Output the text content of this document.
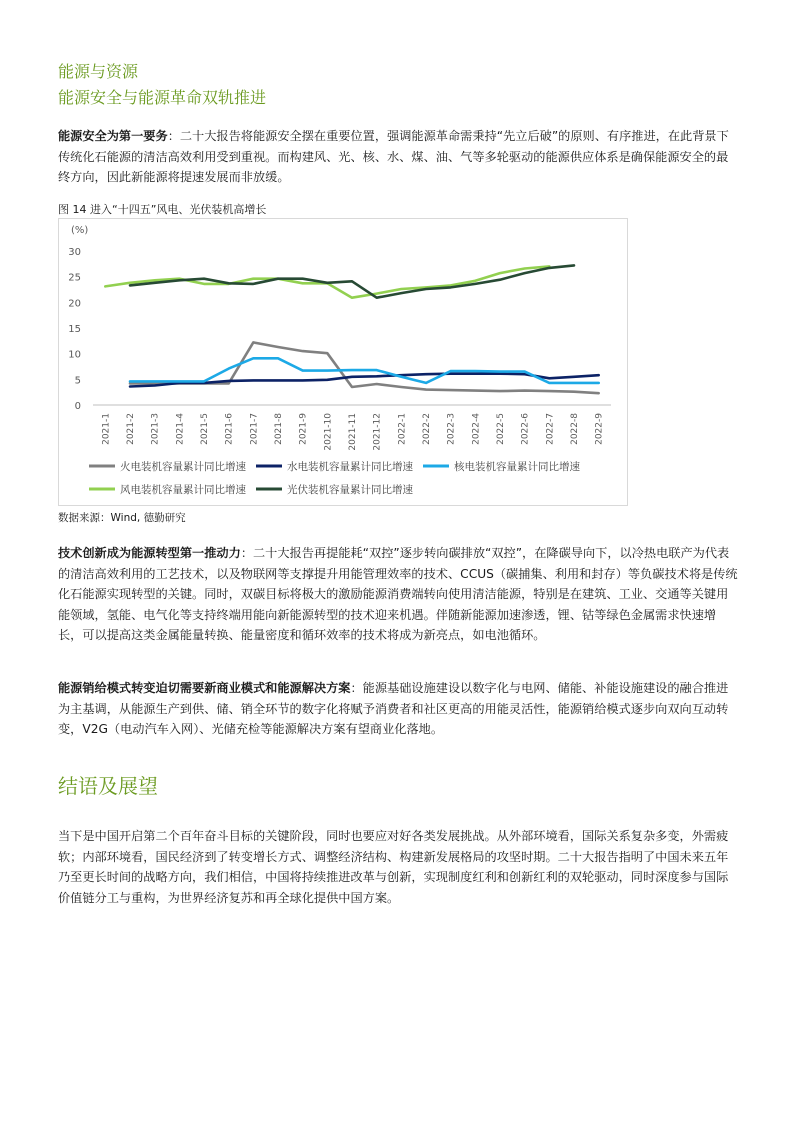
能源与资源
能源安全与能源革命双轨推进

能源安全为第一要务：二十大报告将能源安全摆在重要位置，强调能源革命需秉持“先立后破”的原则、有序推进，在此背景下传统化石能源的清洁高效利用受到重视。而构建风、光、核、水、煤、油、气等多轮驱动的能源供应体系是确保能源安全的最终方向，因此新能源将提速发展而非放缓。

图 14 进入“十四五”风电、光伏装机高增长
(%)
0
5
10
15
20
25
30
2021-1 2021-2 2021-3 2021-4 2021-5 2021-6 2021-7 2021-8 2021-9 2021-10 2021-11 2021-12 2022-1 2022-2 2022-3 2022-4 2022-5 2022-6 2022-7 2022-8 2022-9
火电装机容量累计同比增速	水电装机容量累计同比增速	核电装机容量累计同比增速
风电装机容量累计同比增速	光伏装机容量累计同比增速
数据来源：Wind, 德勤研究

技术创新成为能源转型第一推动力：二十大报告再提能耗“双控”逐步转向碳排放“双控”，在降碳导向下，以冷热电联产为代表的清洁高效利用的工艺技术，以及物联网等支撑提升用能管理效率的技术、CCUS（碳捕集、利用和封存）等负碳技术将是传统化石能源实现转型的关键。同时，双碳目标将极大的激励能源消费端转向使用清洁能源，特别是在建筑、工业、交通等关键用能领域，氢能、电气化等支持终端用能向新能源转型的技术迎来机遇。伴随新能源加速渗透，锂、钴等绿色金属需求快速增长，可以提高这类金属能量转换、能量密度和循环效率的技术将成为新亮点，如电池循环。

能源销给模式转变迫切需要新商业模式和能源解决方案：能源基础设施建设以数字化与电网、储能、补能设施建设的融合推进为主基调，从能源生产到供、储、销全环节的数字化将赋予消费者和社区更高的用能灵活性，能源销给模式逐步向双向互动转变，V2G（电动汽车入网）、光储充检等能源解决方案有望商业化落地。

结语及展望

当下是中国开启第二个百年奋斗目标的关键阶段，同时也要应对好各类发展挑战。从外部环境看，国际关系复杂多变，外需疲软；内部环境看，国民经济到了转变增长方式、调整经济结构、构建新发展格局的攻坚时期。二十大报告指明了中国未来五年乃至更长时间的战略方向，我们相信，中国将持续推进改革与创新，实现制度红利和创新红利的双轮驱动，同时深度参与国际价值链分工与重构，为世界经济复苏和再全球化提供中国方案。
